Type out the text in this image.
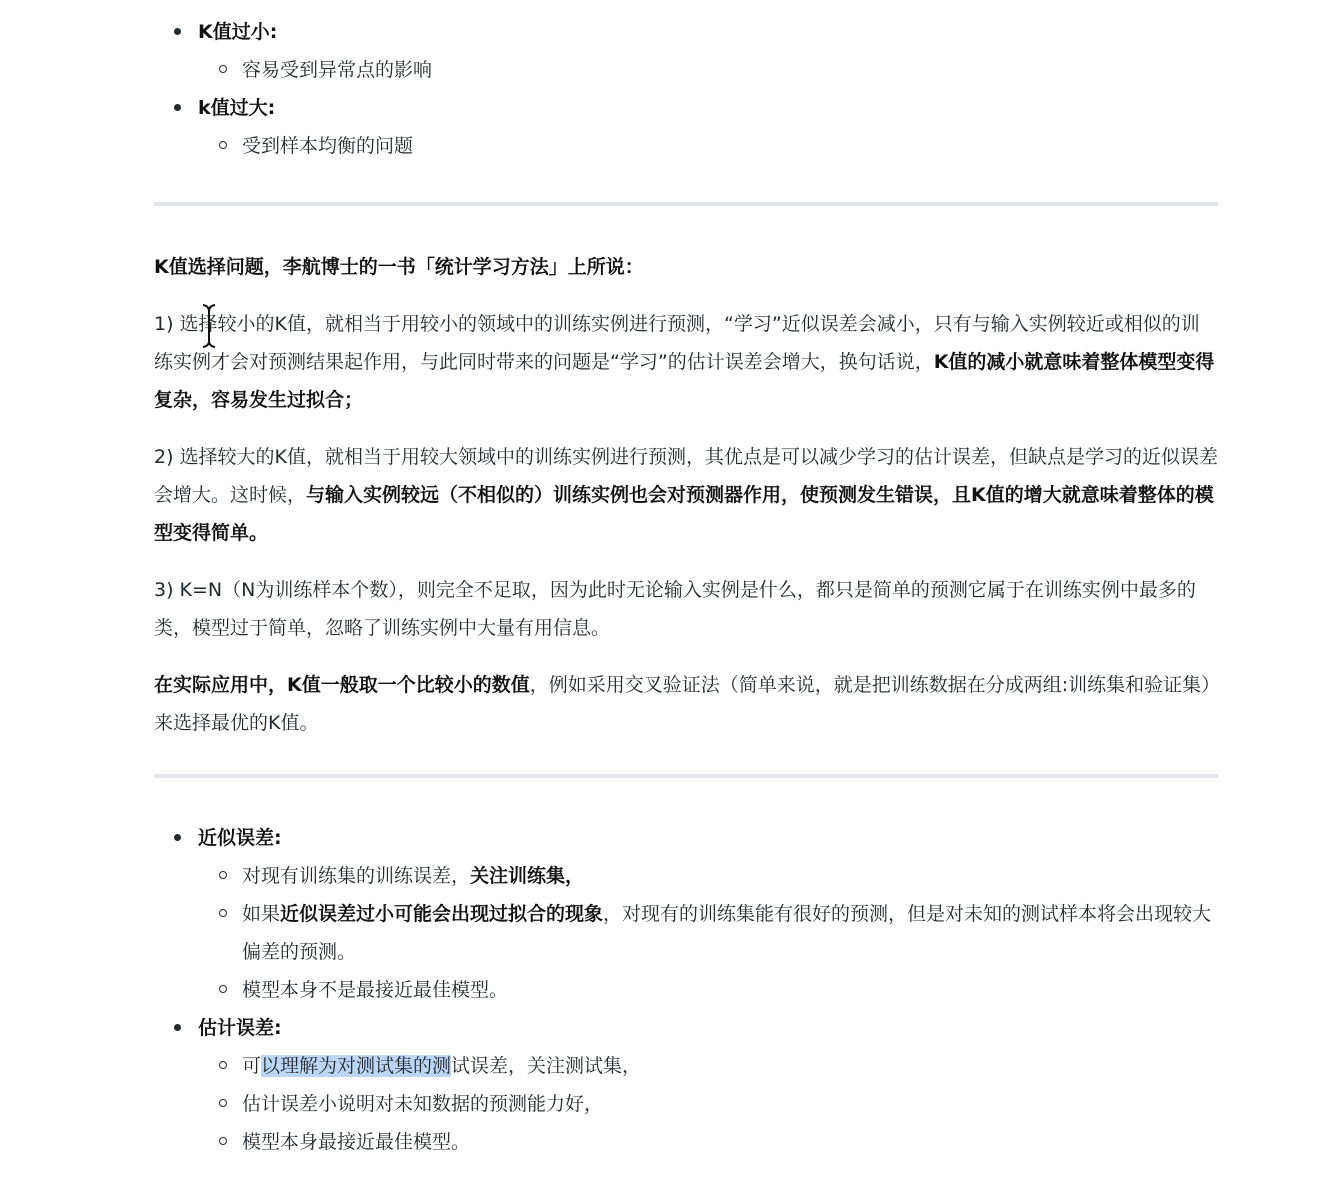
K值过小:
容易受到异常点的影响
k值过大:
受到样本均衡的问题

K值选择问题，李航博士的一书「统计学习方法」上所说：

1) 选择较小的K值，就相当于用较小的领域中的训练实例进行预测，“学习”近似误差会减小，只有与输入实例较近或相似的训练实例才会对预测结果起作用，与此同时带来的问题是“学习”的估计误差会增大，换句话说，K值的减小就意味着整体模型变得复杂，容易发生过拟合；

2) 选择较大的K值，就相当于用较大领域中的训练实例进行预测，其优点是可以减少学习的估计误差，但缺点是学习的近似误差会增大。这时候，与输入实例较远（不相似的）训练实例也会对预测器作用，使预测发生错误，且K值的增大就意味着整体的模型变得简单。

3) K=N（N为训练样本个数），则完全不足取，因为此时无论输入实例是什么，都只是简单的预测它属于在训练实例中最多的类，模型过于简单，忽略了训练实例中大量有用信息。

在实际应用中，K值一般取一个比较小的数值，例如采用交叉验证法（简单来说，就是把训练数据在分成两组:训练集和验证集）来选择最优的K值。

近似误差:
对现有训练集的训练误差，关注训练集，
如果近似误差过小可能会出现过拟合的现象，对现有的训练集能有很好的预测，但是对未知的测试样本将会出现较大偏差的预测。
模型本身不是最接近最佳模型。
估计误差:
可以理解为对测试集的测试误差，关注测试集，
估计误差小说明对未知数据的预测能力好，
模型本身最接近最佳模型。
